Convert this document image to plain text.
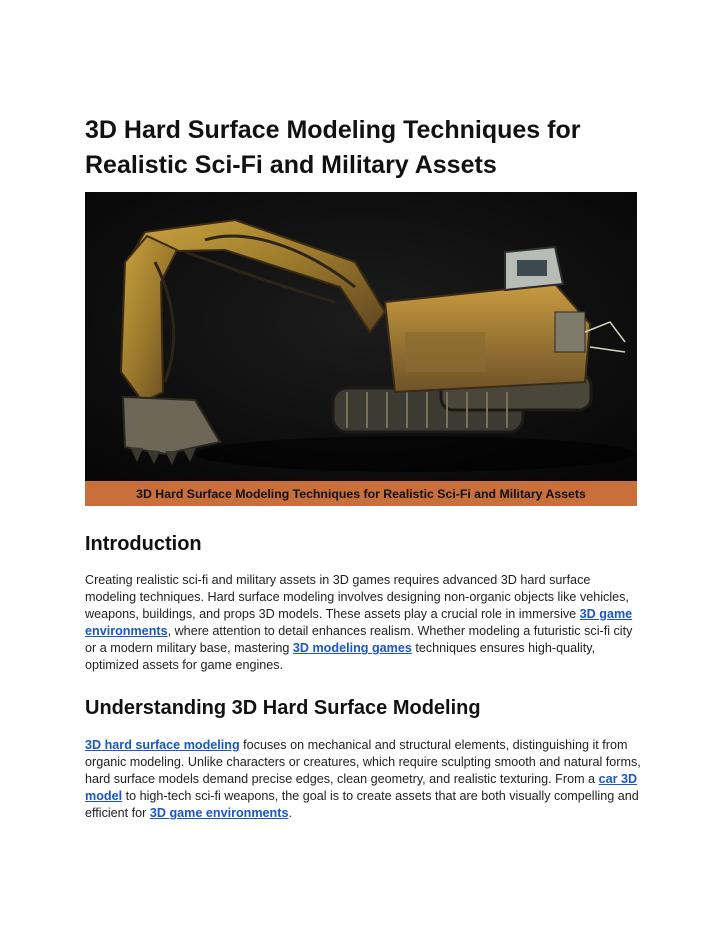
3D Hard Surface Modeling Techniques for Realistic Sci-Fi and Military Assets
3D Hard Surface Modeling Techniques for Realistic Sci-Fi and Military Assets
Introduction

Creating realistic sci-fi and military assets in 3D games requires advanced 3D hard surface modeling techniques. Hard surface modeling involves designing non-organic objects like vehicles, weapons, buildings, and props 3D models. These assets play a crucial role in immersive 3D game environments, where attention to detail enhances realism. Whether modeling a futuristic sci-fi city or a modern military base, mastering 3D modeling games techniques ensures high-quality, optimized assets for game engines.

Understanding 3D Hard Surface Modeling

3D hard surface modeling focuses on mechanical and structural elements, distinguishing it from organic modeling. Unlike characters or creatures, which require sculpting smooth and natural forms, hard surface models demand precise edges, clean geometry, and realistic texturing. From a car 3D model to high-tech sci-fi weapons, the goal is to create assets that are both visually compelling and efficient for 3D game environments.
